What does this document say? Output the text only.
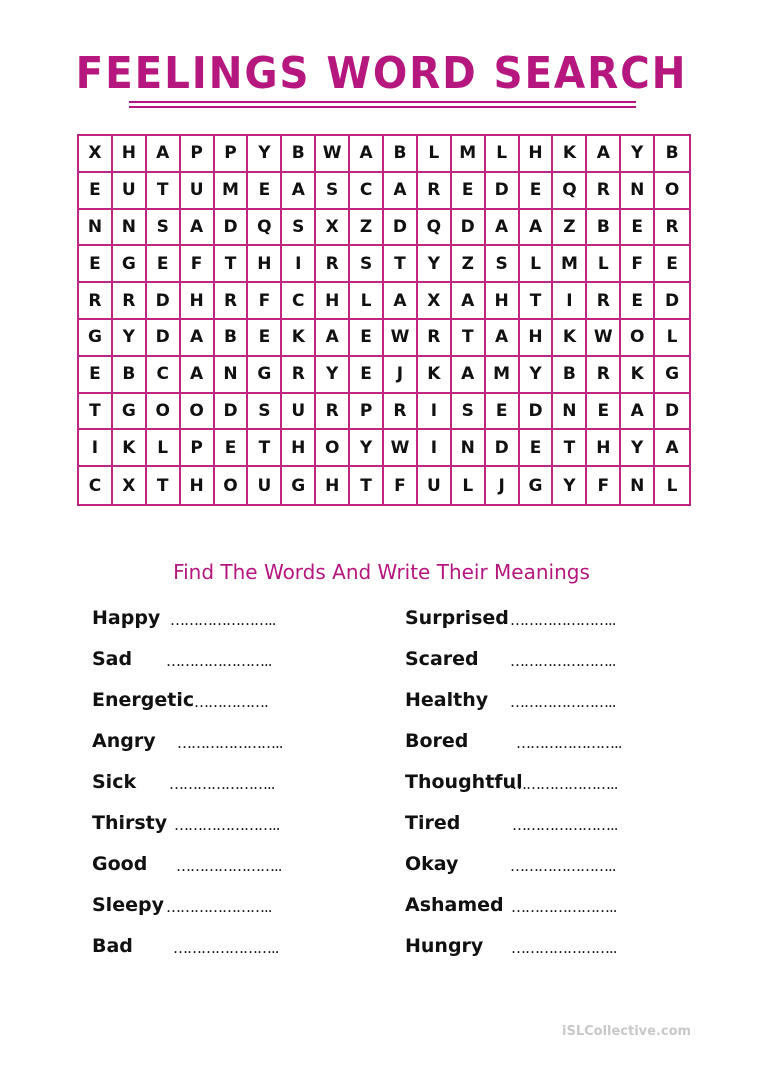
FEELINGS WORD SEARCH
X	H	A	P	P	Y	B	W	A	B	L	M	L	H	K	A	Y	B
E	U	T	U	M	E	A	S	C	A	R	E	D	E	Q	R	N	O
N	N	S	A	D	Q	S	X	Z	D	Q	D	A	A	Z	B	E	R
E	G	E	F	T	H	I	R	S	T	Y	Z	S	L	M	L	F	E
R	R	D	H	R	F	C	H	L	A	X	A	H	T	I	R	E	D
G	Y	D	A	B	E	K	A	E	W	R	T	A	H	K	W	O	L
E	B	C	A	N	G	R	Y	E	J	K	A	M	Y	B	R	K	G
T	G	O	O	D	S	U	R	P	R	I	S	E	D	N	E	A	D
I	K	L	P	E	T	H	O	Y	W	I	N	D	E	T	H	Y	A
C	X	T	H	O	U	G	H	T	F	U	L	J	G	Y	F	N	L
Find The Words And Write Their Meanings
Happy …………………..
Sad …………………..
Energetic …………….
Angry …………………..
Sick …………………..
Thirsty …………………..
Good …………………..
Sleepy …………………..
Bad	…………………..
Surprised …………………..
Scared …………………..
Healthy …………………..
Bored	…………………..
Thoughtful
…………………..
Tired	…………………..
Okay	…………………..
Ashamed …………………..
Hungry …………………..
iSLCollective.com
